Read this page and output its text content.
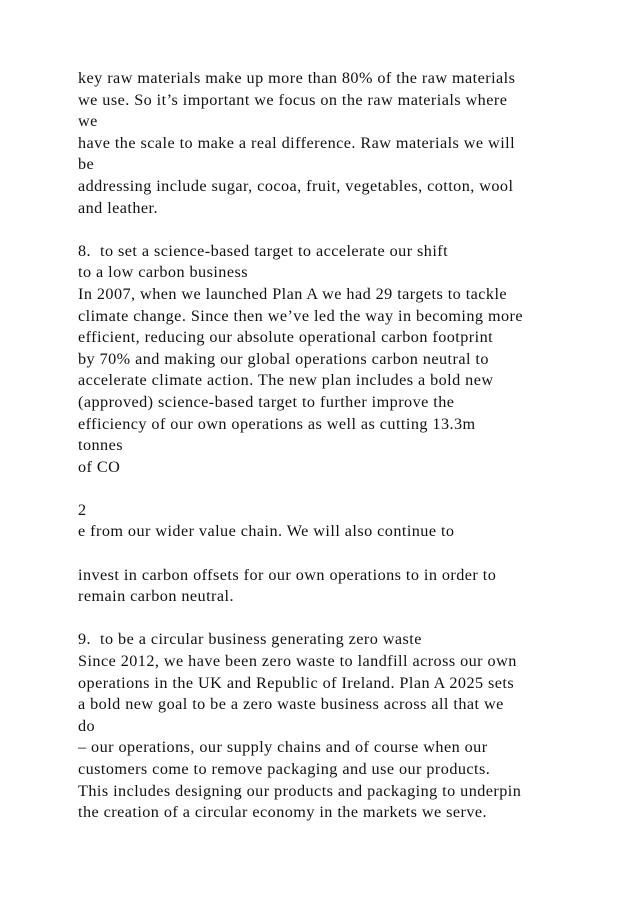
key raw materials make up more than 80% of the raw materials
we use. So it’s important we focus on the raw materials where
we
have the scale to make a real difference. Raw materials we will
be
addressing include sugar, cocoa, fruit, vegetables, cotton, wool
and leather.
8.  to set a science-based target to accelerate our shift
to a low carbon business
In 2007, when we launched Plan A we had 29 targets to tackle
climate change. Since then we’ve led the way in becoming more
efficient, reducing our absolute operational carbon footprint
by 70% and making our global operations carbon neutral to
accelerate climate action. The new plan includes a bold new
(approved) science-based target to further improve the
efficiency of our own operations as well as cutting 13.3m
tonnes
of CO
2
e from our wider value chain. We will also continue to
invest in carbon offsets for our own operations to in order to
remain carbon neutral.
9.  to be a circular business generating zero waste
Since 2012, we have been zero waste to landfill across our own
operations in the UK and Republic of Ireland. Plan A 2025 sets
a bold new goal to be a zero waste business across all that we
do
– our operations, our supply chains and of course when our
customers come to remove packaging and use our products.
This includes designing our products and packaging to underpin
the creation of a circular economy in the markets we serve.
